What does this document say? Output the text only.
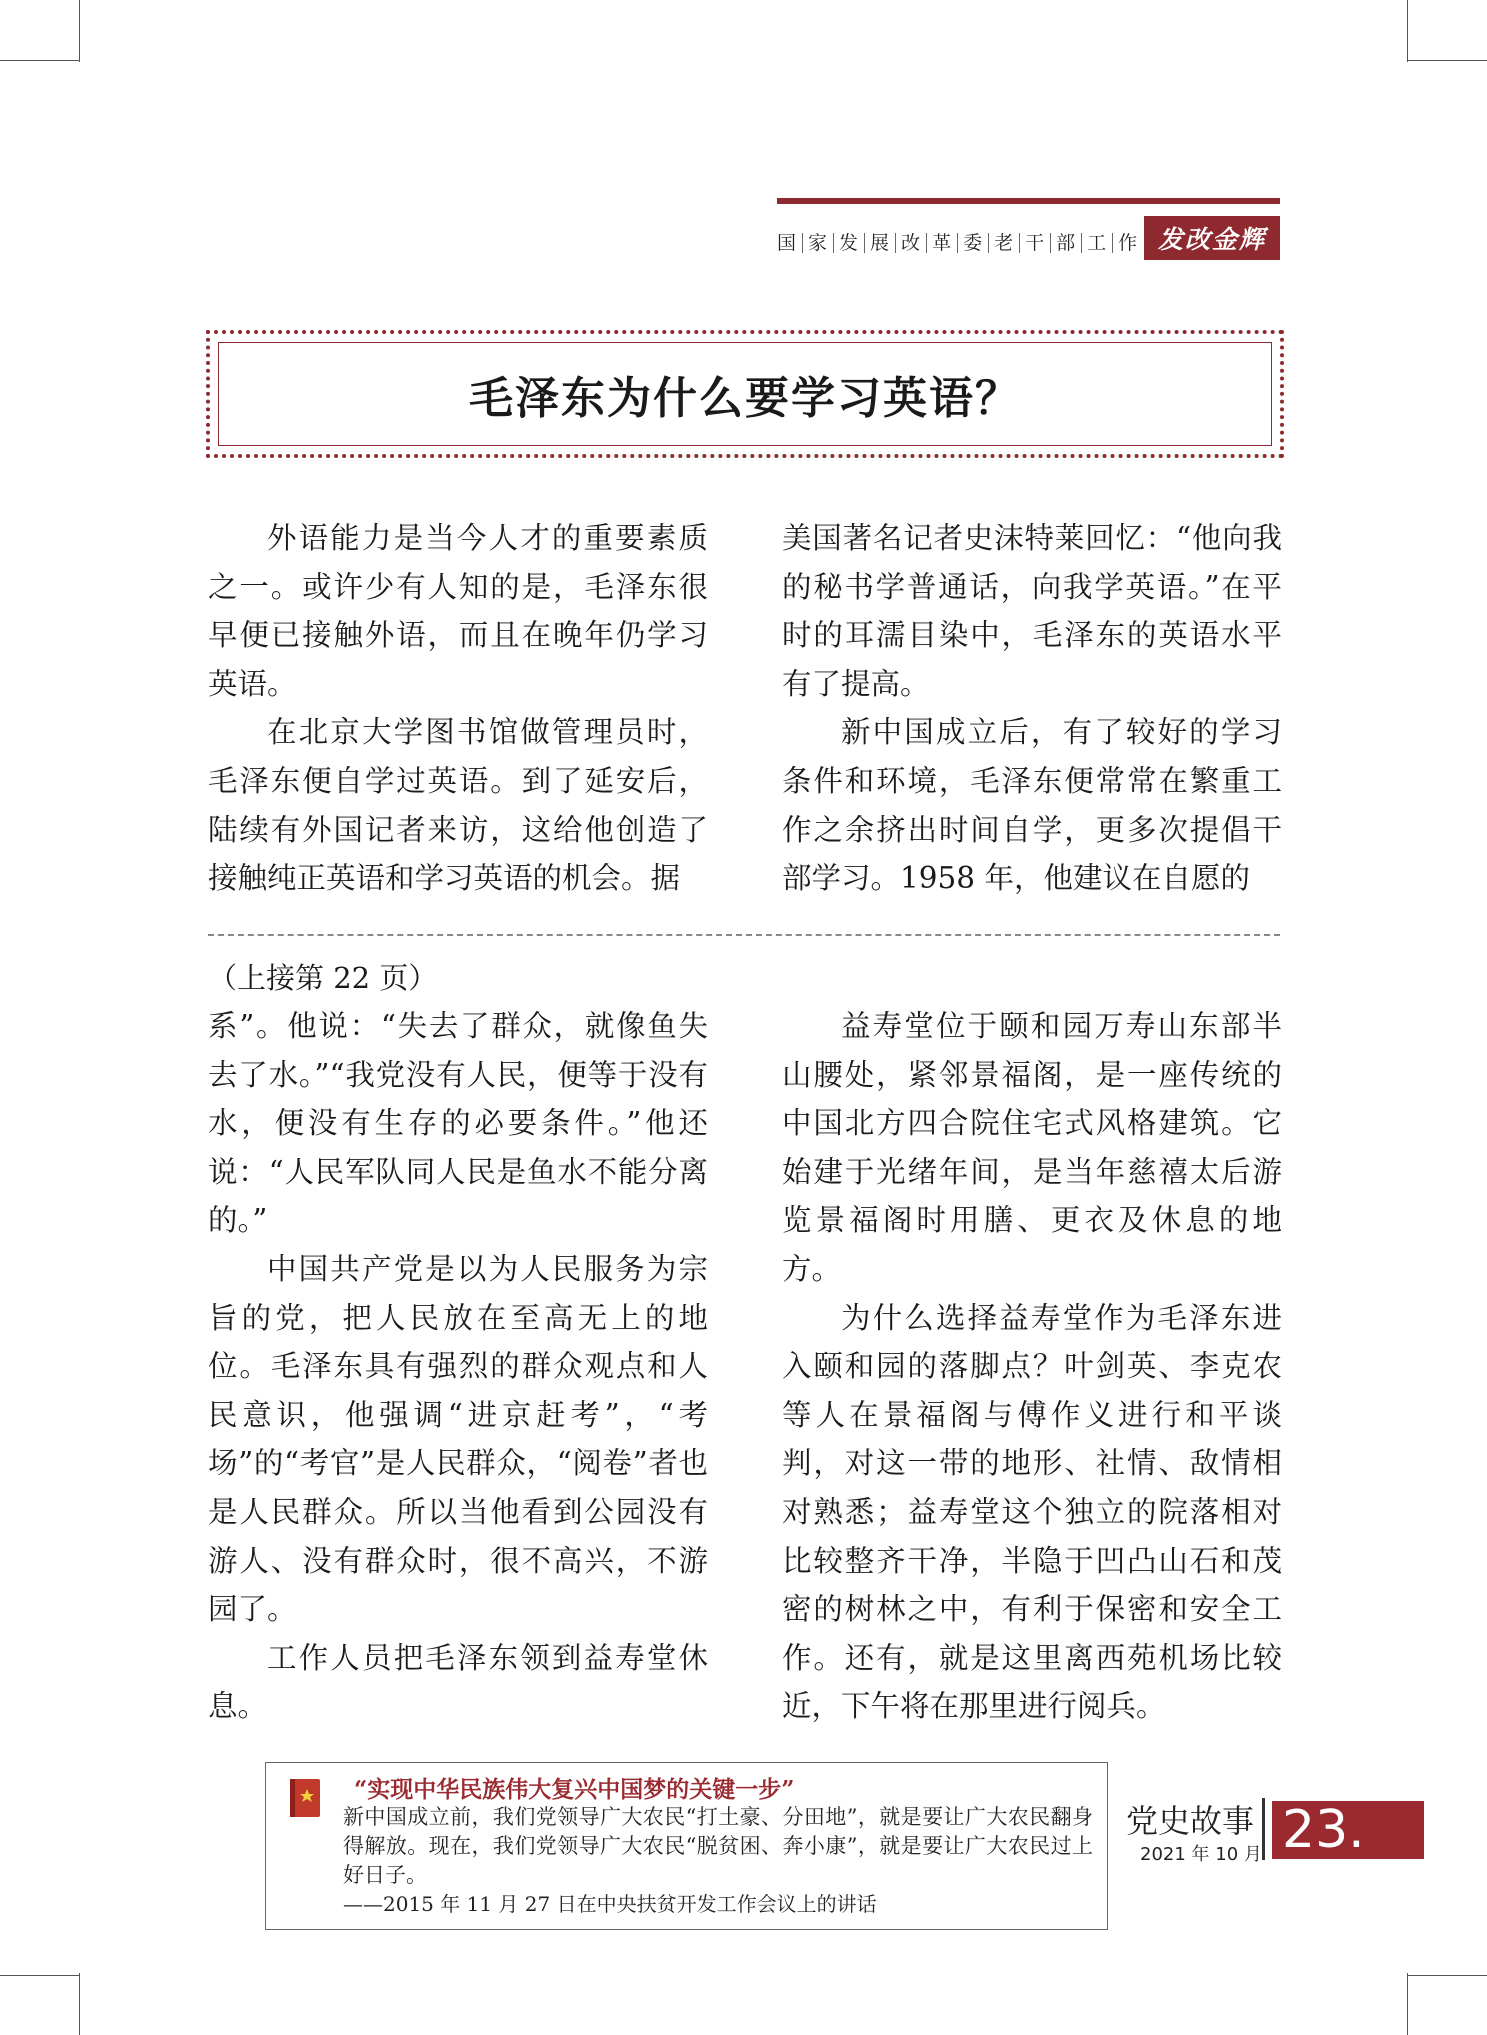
国 家 发 展 改 革 委 老 干 部 工 作 发改金辉
毛泽东为什么要学习英语？

外语能力是当今人才的重要素质之一。或许少有人知的是，毛泽东很早便已接触外语，而且在晚年仍学习英语。

在北京大学图书馆做管理员时，毛泽东便自学过英语。到了延安后，陆续有外国记者来访，这给他创造了接触纯正英语和学习英语的机会。据

美国著名记者史沫特莱回忆：“他向我的秘书学普通话，向我学英语。”在平时的耳濡目染中，毛泽东的英语水平有了提高。

新中国成立后，有了较好的学习条件和环境，毛泽东便常常在繁重工作之余挤出时间自学，更多次提倡干部学习。1958 年，他建议在自愿的

（上接第 22 页）

系”。他说：“失去了群众，就像鱼失去了水。”“我党没有人民，便等于没有水，便没有生存的必要条件。”他还说：“人民军队同人民是鱼水不能分离的。”

中国共产党是以为人民服务为宗旨的党，把人民放在至高无上的地位。毛泽东具有强烈的群众观点和人民意识，他强调“进京赶考”，“考场”的“考官”是人民群众，“阅卷”者也是人民群众。所以当他看到公园没有游人、没有群众时，很不高兴，不游园了。

工作人员把毛泽东领到益寿堂休息。

益寿堂位于颐和园万寿山东部半山腰处，紧邻景福阁，是一座传统的中国北方四合院住宅式风格建筑。它始建于光绪年间，是当年慈禧太后游览景福阁时用膳、更衣及休息的地方。

为什么选择益寿堂作为毛泽东进入颐和园的落脚点？叶剑英、李克农等人在景福阁与傅作义进行和平谈判，对这一带的地形、社情、敌情相对熟悉；益寿堂这个独立的院落相对比较整齐干净，半隐于凹凸山石和茂密的树林之中，有利于保密和安全工作。还有，就是这里离西苑机场比较近，下午将在那里进行阅兵。

“实现中华民族伟大复兴中国梦的关键一步”

新中国成立前，我们党领导广大农民“打土豪、分田地”，就是要让广大农民翻身得解放。现在，我们党领导广大农民“脱贫困、奔小康”，就是要让广大农民过上好日子。

——2015 年 11 月 27 日在中央扶贫开发工作会议上的讲话

党史故事
2021 年 10 月 23.
